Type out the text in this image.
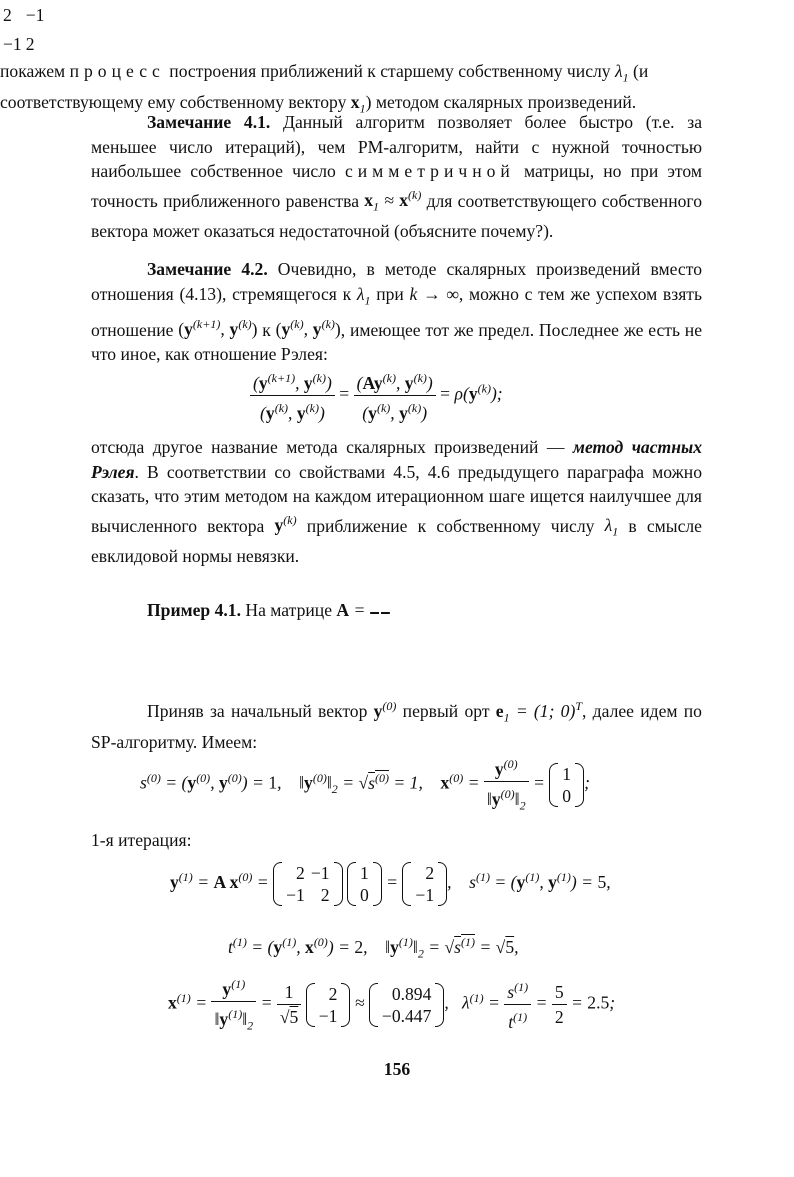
Замечание 4.1. Данный алгоритм позволяет более быстро (т.е. за меньшее число итераций), чем PM-алгоритм, найти с нужной точностью наибольшее собственное число симметричной матрицы, но при этом точность приближенного равенства $x_1 \approx x^{(k)}$ для соответствующего собственного вектора может оказаться недостаточной (объясните почему?).

Замечание 4.2. Очевидно, в методе скалярных произведений вместо отношения (4.13), стремящегося к $\lambda_1$ при k → ∞, можно с тем же успехом взять отношение ($y^{(k+1)}$, $y^{(k)}$) к ($y^{(k)}$, $y^{(k)}$), имеющее тот же предел. Последнее же есть не что иное, как отношение Рэлея:

$\frac{(y^{(k+1)}, y^{(k)})}{(y^{(k)}, y^{(k)})} = \frac{(Ay^{(k)}, y^{(k)})}{(y^{(k)}, y^{(k)})} = \rho(y^{(k)})$;

отсюда другое название метода скалярных произведений — метод частных Рэлея. В соответствии со свойствами 4.5, 4.6 предыдущего параграфа можно сказать, что этим методом на каждом итерационном шаге ищется наилучшее для вычисленного вектора $y^{(k)}$ приближение к собственному числу $\lambda_1$ в смысле евклидовой нормы невязки.

Пример 4.1. На матрице A =

2	−1
−1	2
покажем процесс построения приближений к старшему собственному числу $\lambda_1$ (и соответствующему ему собственному вектору $x_1$) методом скалярных произведений.

Приняв за начальный вектор $y^{(0)}$ первый орт $e_1 = (1$; 0)$^T$, далее идем по SP-алгоритму. Имеем:

$s^{(0)} = (y^{(0)}$, $y^{(0)}) = 1$,    $‖y^{(0)}‖_2 = √s^{(0)} = 1$,    $x^{(0)} = \frac{y^{(0)}}{‖y^{(0)}‖_2} = 1$
0
;
1-я итерация:
$y^{(1)} = A$ $x^{(0)} = 2$	−1
−1	2

1
0
= 2
−1
,    $s^{(1)} = (y^{(1)}$, $y^{(1)}) = 5$,
$t^{(1)} = (y^{(1)}$, $x^{(0)}) = 2$,    $‖y^{(1)}‖_2 = √s^{(1)} = √5$,
$x^{(1)} = \frac{y^{(1)}}{‖y^{(1)}‖_2} = \frac{1}{√5}$
2
−1
≈ 0.894
−0.447
,   $\lambda^{(1)} = \frac{s^{(1)}}{t^{(1)}} = \frac{5}{2} = 2.5$;
156
